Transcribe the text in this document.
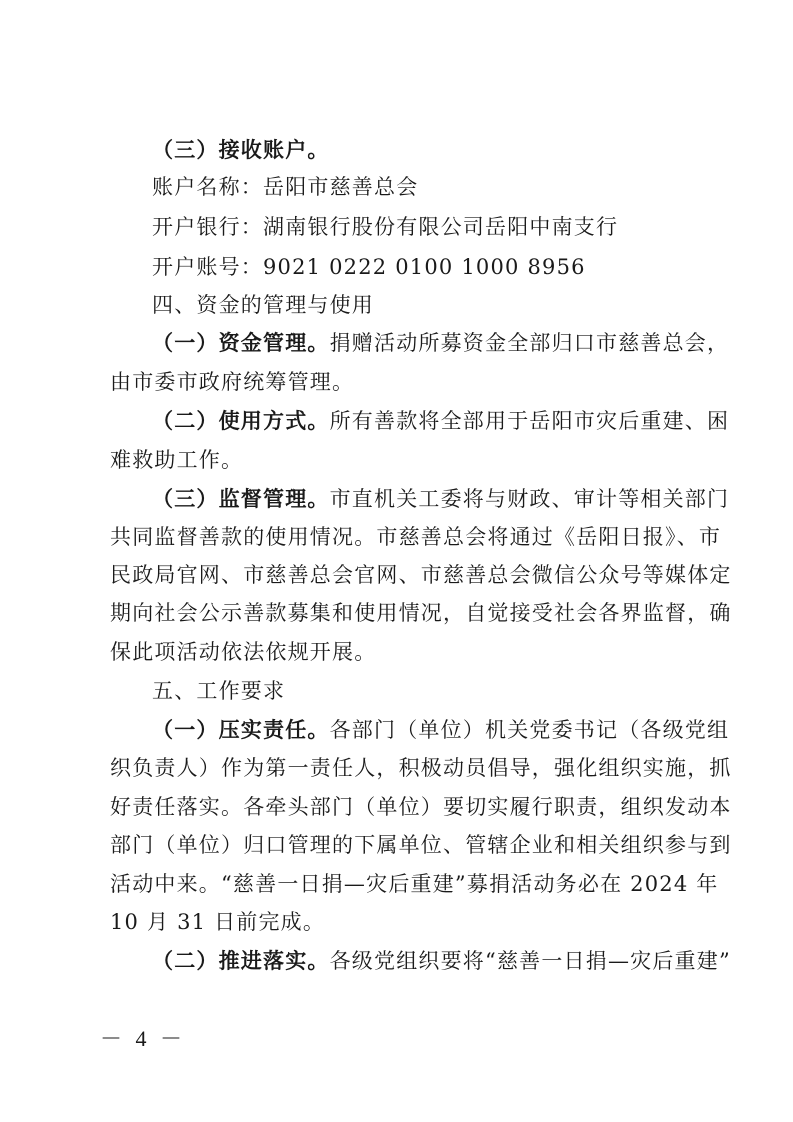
（三）接收账户。
账户名称：岳阳市慈善总会
开户银行：湖南银行股份有限公司岳阳中南支行
开户账号：9021 0222 0100 1000 8956
四、资金的管理与使用
（一）资金管理。捐赠活动所募资金全部归口市慈善总会，
由市委市政府统筹管理。
（二）使用方式。所有善款将全部用于岳阳市灾后重建、困
难救助工作。
（三）监督管理。市直机关工委将与财政、审计等相关部门
共同监督善款的使用情况。市慈善总会将通过《岳阳日报》、市
民政局官网、市慈善总会官网、市慈善总会微信公众号等媒体定
期向社会公示善款募集和使用情况，自觉接受社会各界监督，确
保此项活动依法依规开展。
五、工作要求
（一）压实责任。各部门（单位）机关党委书记（各级党组
织负责人）作为第一责任人，积极动员倡导，强化组织实施，抓
好责任落实。各牵头部门（单位）要切实履行职责，组织发动本
部门（单位）归口管理的下属单位、管辖企业和相关组织参与到
活动中来。“慈善一日捐—灾后重建”募捐活动务必在 2024 年
10 月 31 日前完成。
（二）推进落实。各级党组织要将“慈善一日捐—灾后重建”
－ 4 －
